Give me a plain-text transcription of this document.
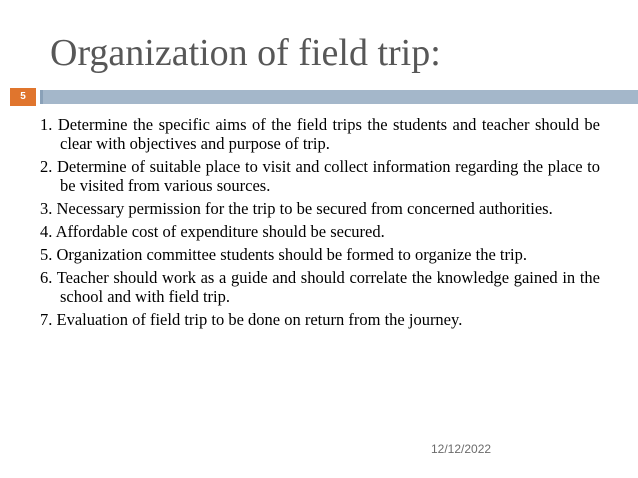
Organization of field trip:
5
1. Determine the specific aims of the field trips the students and teacher should be clear with objectives and purpose of trip.
2. Determine of suitable place to visit and collect information regarding the place to be visited from various sources.
3. Necessary permission for the trip to be secured from concerned authorities.
4. Affordable cost of expenditure should be secured.
5. Organization committee students should be formed to organize the trip.
6. Teacher should work as a guide and should correlate the knowledge gained in the school and with field trip.
7. Evaluation of field trip to be done on return from the journey.
12/12/2022
